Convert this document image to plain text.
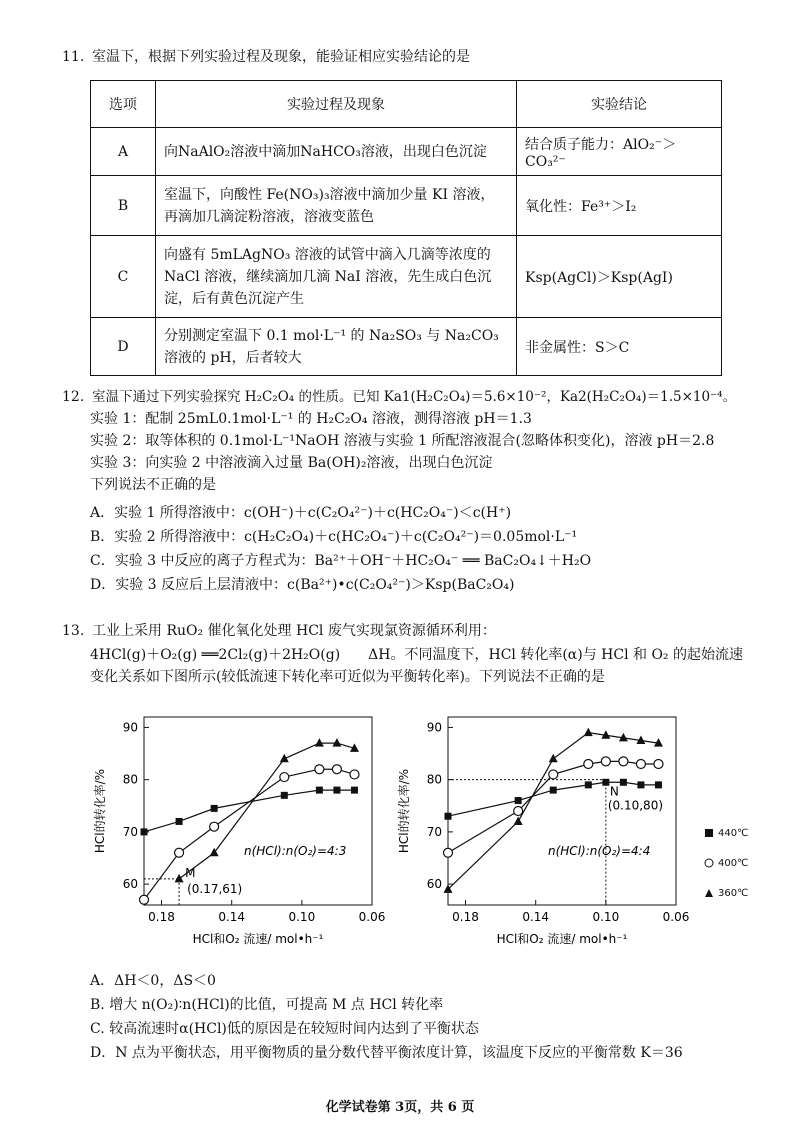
11. 室温下，根据下列实验过程及现象，能验证相应实验结论的是
选项	实验过程及现象	实验结论
A	向NaAlO₂溶液中滴加NaHCO₃溶液，出现白色沉淀	结合质子能力：AlO₂⁻＞CO₃²⁻
B	室温下，向酸性 Fe(NO₃)₃溶液中滴加少量 KI 溶液，再滴加几滴淀粉溶液，溶液变蓝色	氧化性：Fe³⁺＞I₂
C	向盛有 5mLAgNO₃ 溶液的试管中滴入几滴等浓度的 NaCl 溶液，继续滴加几滴 NaI 溶液，先生成白色沉淀，后有黄色沉淀产生	Ksp(AgCl)＞Ksp(AgI)
D	分别测定室温下 0.1 mol·L⁻¹ 的 Na₂SO₃ 与 Na₂CO₃ 溶液的 pH，后者较大	非金属性：S＞C
12. 室温下通过下列实验探究 H₂C₂O₄ 的性质。已知 Ka1(H₂C₂O₄)＝5.6×10⁻²，Ka2(H₂C₂O₄)＝1.5×10⁻⁴。
实验 1：配制 25mL0.1mol·L⁻¹ 的 H₂C₂O₄ 溶液，测得溶液 pH＝1.3
实验 2：取等体积的 0.1mol·L⁻¹NaOH 溶液与实验 1 所配溶液混合(忽略体积变化)，溶液 pH＝2.8
实验 3：向实验 2 中溶液滴入过量 Ba(OH)₂溶液，出现白色沉淀
下列说法不正确的是
A．实验 1 所得溶液中：c(OH⁻)＋c(C₂O₄²⁻)＋c(HC₂O₄⁻)＜c(H⁺)
B．实验 2 所得溶液中：c(H₂C₂O₄)＋c(HC₂O₄⁻)＋c(C₂O₄²⁻)＝0.05mol·L⁻¹
C．实验 3 中反应的离子方程式为：Ba²⁺＋OH⁻＋HC₂O₄⁻ ══ BaC₂O₄↓＋H₂O
D．实验 3 反应后上层清液中：c(Ba²⁺)•c(C₂O₄²⁻)＞Ksp(BaC₂O₄)
13. 工业上采用 RuO₂ 催化氧化处理 HCl 废气实现氯资源循环利用：
4HCl(g)＋O₂(g) ══2Cl₂(g)＋2H₂O(g)　　ΔH。不同温度下，HCl 转化率(α)与 HCl 和 O₂ 的起始流速
变化关系如下图所示(较低流速下转化率可近似为平衡转化率)。下列说法不正确的是
0.18	0.14	0.10	0.06
60
70
80
90
HCl和O₂ 流速/ mol•h⁻¹
HCl的转化率/%	n(HCl):n(O₂)=4:3
M
(0.17,61)
0.18	0.14	0.10	0.06
60
70
80
90
HCl和O₂ 流速/ mol•h⁻¹
HCl的转化率/%	n(HCl):n(O₂)=4:4
N
(0.10,80)
440℃
400℃
360℃
A．ΔH＜0，ΔS＜0
B. 增大 n(O₂)∶n(HCl)的比值，可提高 M 点 HCl 转化率
C. 较高流速时α(HCl)低的原因是在较短时间内达到了平衡状态
D．N 点为平衡状态，用平衡物质的量分数代替平衡浓度计算，该温度下反应的平衡常数 K＝36
化学试卷第 3页，共 6 页
